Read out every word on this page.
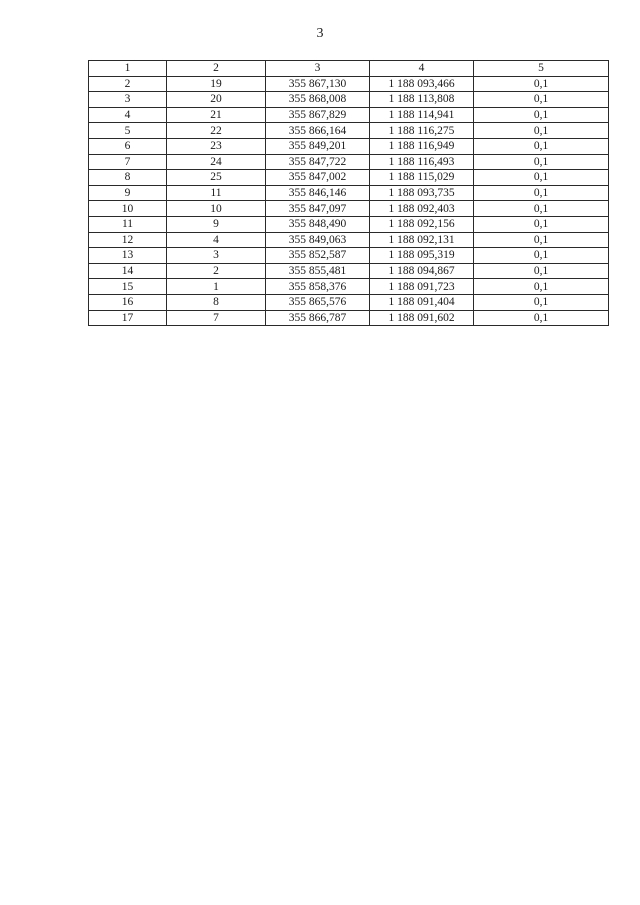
3
1	2	3	4	5
2	19	355 867,130	1 188 093,466	0,1
3	20	355 868,008	1 188 113,808	0,1
4	21	355 867,829	1 188 114,941	0,1
5	22	355 866,164	1 188 116,275	0,1
6	23	355 849,201	1 188 116,949	0,1
7	24	355 847,722	1 188 116,493	0,1
8	25	355 847,002	1 188 115,029	0,1
9	11	355 846,146	1 188 093,735	0,1
10	10	355 847,097	1 188 092,403	0,1
11	9	355 848,490	1 188 092,156	0,1
12	4	355 849,063	1 188 092,131	0,1
13	3	355 852,587	1 188 095,319	0,1
14	2	355 855,481	1 188 094,867	0,1
15	1	355 858,376	1 188 091,723	0,1
16	8	355 865,576	1 188 091,404	0,1
17	7	355 866,787	1 188 091,602	0,1
